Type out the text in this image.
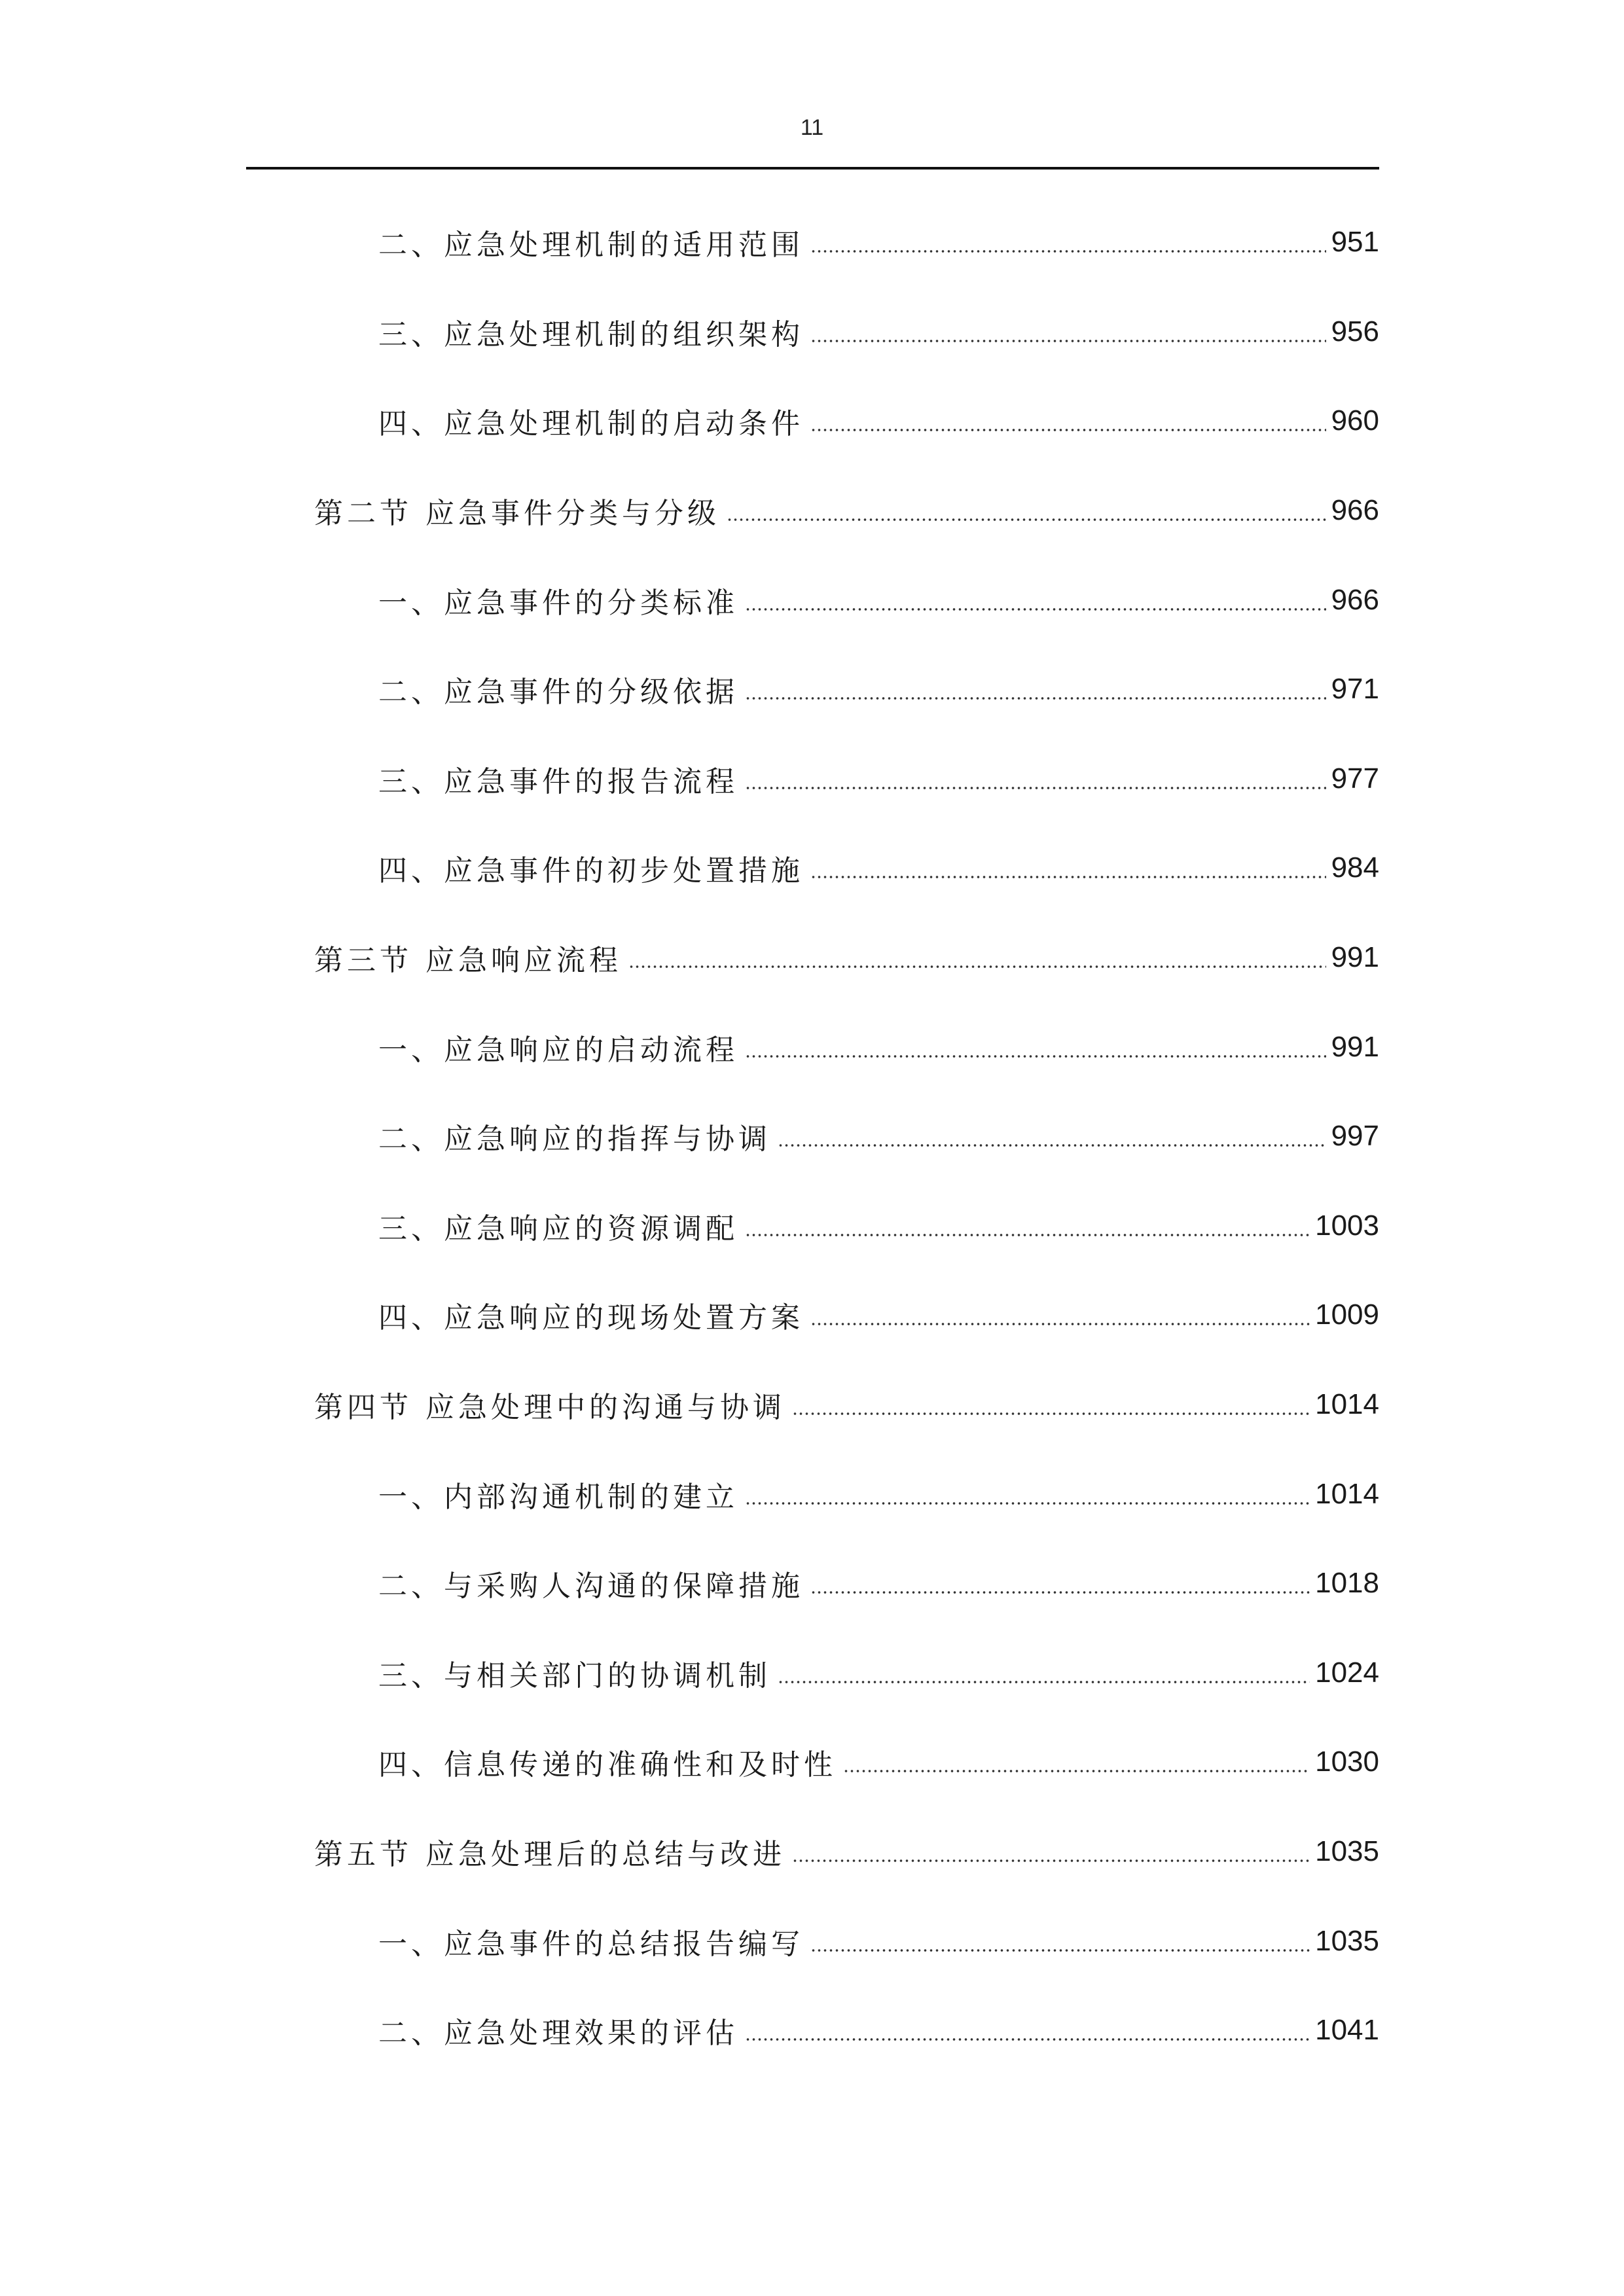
11
二、应急处理机制的适用范围	951
三、应急处理机制的组织架构	956
四、应急处理机制的启动条件	960
第二节 应急事件分类与分级	966
一、应急事件的分类标准	966
二、应急事件的分级依据	971
三、应急事件的报告流程	977
四、应急事件的初步处置措施	984
第三节 应急响应流程	991
一、应急响应的启动流程	991
二、应急响应的指挥与协调	997
三、应急响应的资源调配	1003
四、应急响应的现场处置方案	1009
第四节 应急处理中的沟通与协调	1014
一、内部沟通机制的建立	1014
二、与采购人沟通的保障措施	1018
三、与相关部门的协调机制	1024
四、信息传递的准确性和及时性	1030
第五节 应急处理后的总结与改进	1035
一、应急事件的总结报告编写	1035
二、应急处理效果的评估	1041
